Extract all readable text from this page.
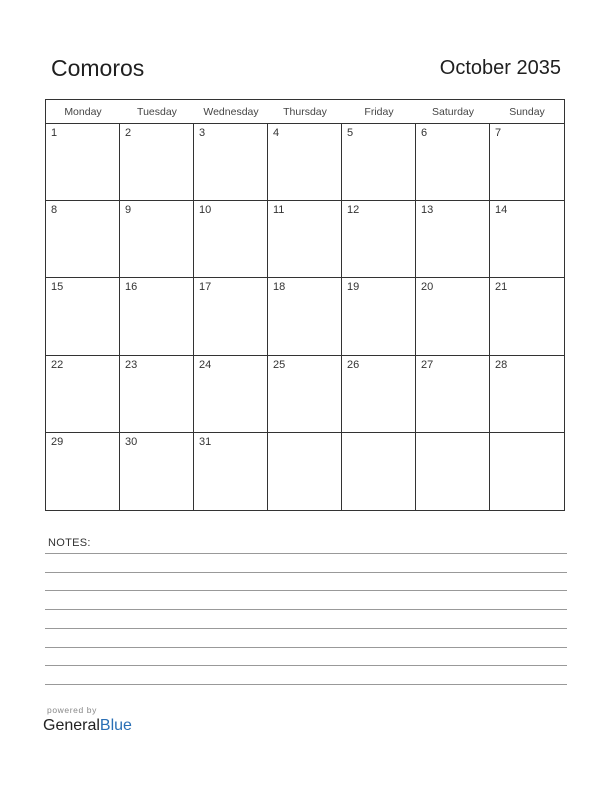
Comoros	October 2035
Monday	Tuesday	Wednesday	Thursday	Friday	Saturday	Sunday
1	2	3	4	5	6	7
8	9	10	11	12	13	14
15	16	17	18	19	20	21
22	23	24	25	26	27	28
29	30	31
NOTES:
powered by
GeneralBlue
